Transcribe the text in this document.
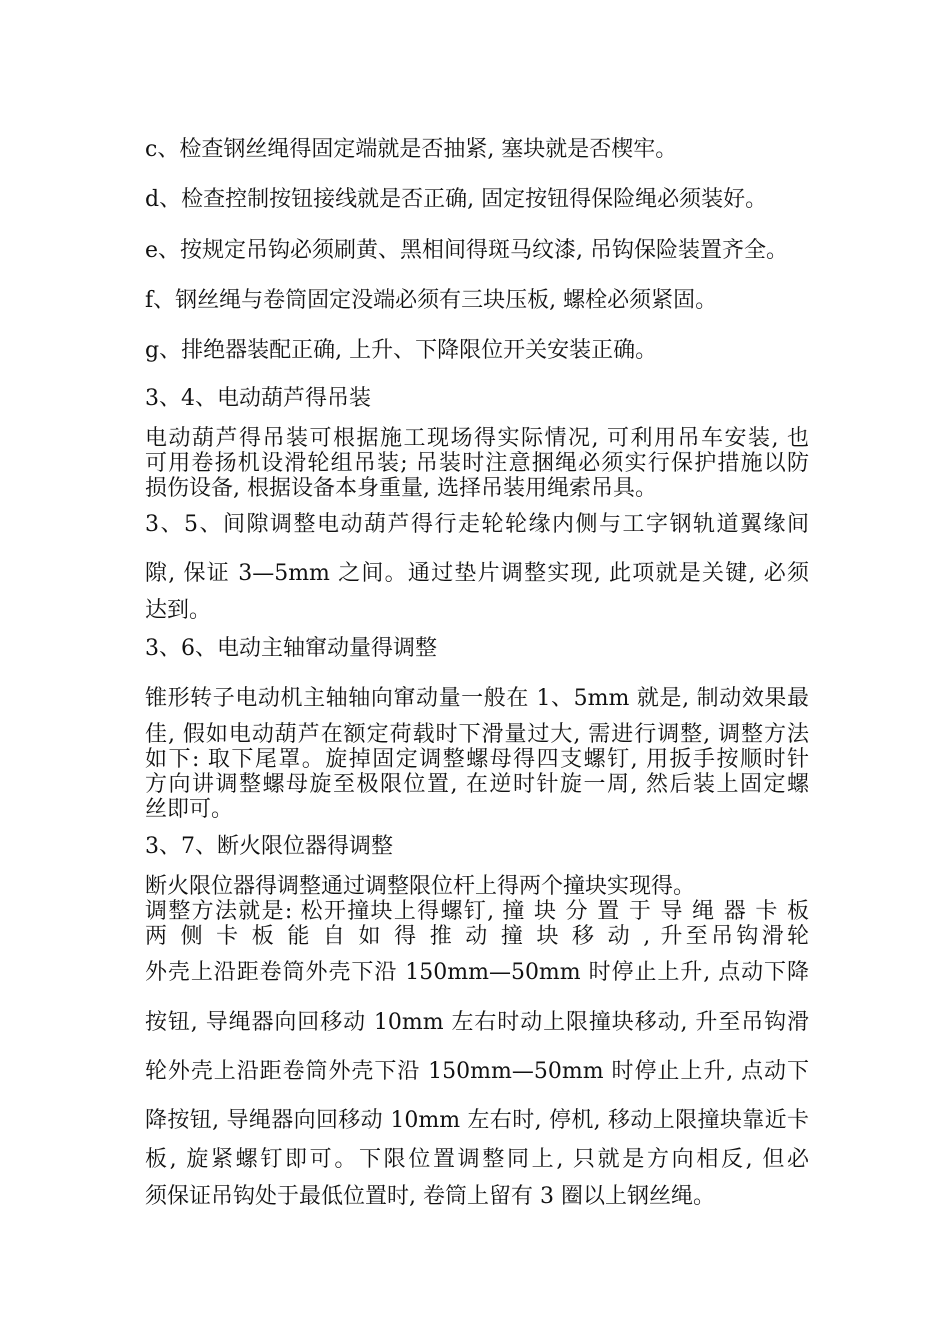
c、检查钢丝绳得固定端就是否抽紧, 塞块就是否楔牢。
d、检查控制按钮接线就是否正确, 固定按钮得保险绳必须装好。
e、按规定吊钩必须刷黄、黑相间得斑马纹漆, 吊钩保险装置齐全。
f、钢丝绳与卷筒固定没端必须有三块压板, 螺栓必须紧固。
g、排绝器装配正确, 上升、下降限位开关安装正确。
3、4、电动葫芦得吊装
电动葫芦得吊装可根据施工现场得实际情况, 可利用吊车安装, 也
可用卷扬机设滑轮组吊装; 吊装时注意捆绳必须实行保护措施以防
损伤设备, 根据设备本身重量, 选择吊装用绳索吊具。
3、5、间隙调整电动葫芦得行走轮轮缘内侧与工字钢轨道翼缘间
隙, 保证 3—5mm 之间。通过垫片调整实现, 此项就是关键, 必须
达到。
3、6、电动主轴窜动量得调整
锥形转子电动机主轴轴向窜动量一般在 1、5mm 就是, 制动效果最
佳, 假如电动葫芦在额定荷载时下滑量过大, 需进行调整, 调整方法
如下: 取下尾罩。旋掉固定调整螺母得四支螺钉, 用扳手按顺时针
方向讲调整螺母旋至极限位置, 在逆时针旋一周, 然后装上固定螺
丝即可。
3、7、断火限位器得调整
断火限位器得调整通过调整限位杆上得两个撞块实现得。
调整方法就是: 松开撞块上得螺钉, 撞 块 分 置 于 导 绳 器 卡 板
两 侧 卡 板 能 自 如 得 推 动 撞 块 移 动 , 升至吊钩滑轮
外壳上沿距卷筒外壳下沿 150mm—50mm 时停止上升, 点动下降
按钮, 导绳器向回移动 10mm 左右时动上限撞块移动, 升至吊钩滑
轮外壳上沿距卷筒外壳下沿 150mm—50mm 时停止上升, 点动下
降按钮, 导绳器向回移动 10mm 左右时, 停机, 移动上限撞块靠近卡
板, 旋紧螺钉即可。下限位置调整同上, 只就是方向相反, 但必
须保证吊钩处于最低位置时, 卷筒上留有 3 圈以上钢丝绳。
